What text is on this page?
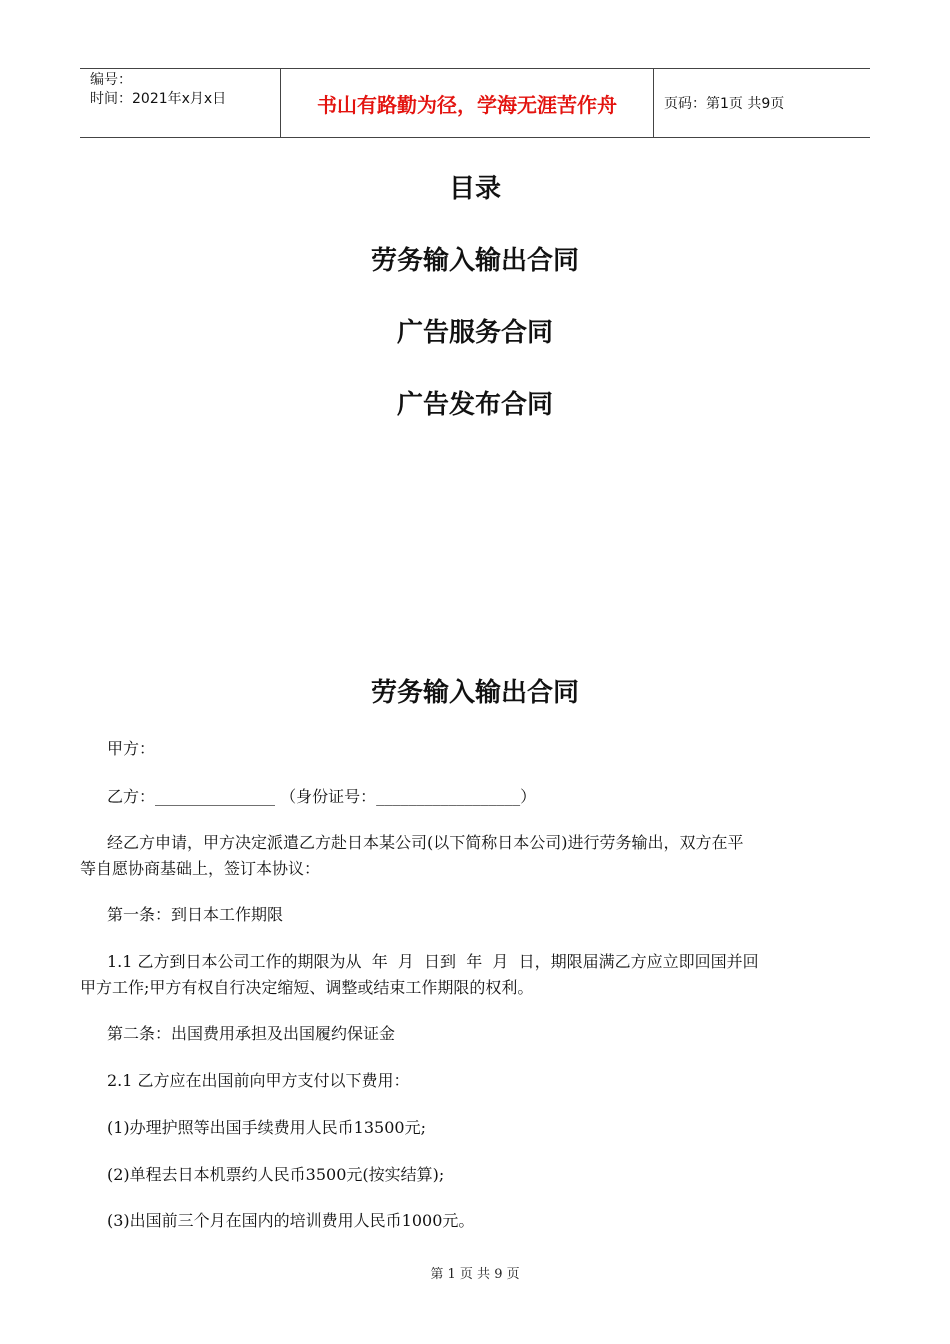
编号：
时间：2021年x月x日	书山有路勤为径，学海无涯苦作舟	页码：第1页 共9页
目录
劳务输入输出合同
广告服务合同
广告发布合同
劳务输入输出合同
甲方：
乙方：_______________ （身份证号：__________________）
经乙方申请，甲方决定派遣乙方赴日本某公司(以下简称日本公司)进行劳务输出，双方在平
等自愿协商基础上，签订本协议：
第一条：到日本工作期限
1.1 乙方到日本公司工作的期限为从  年  月  日到  年  月  日，期限届满乙方应立即回国并回
甲方工作;甲方有权自行决定缩短、调整或结束工作期限的权利。
第二条：出国费用承担及出国履约保证金
2.1 乙方应在出国前向甲方支付以下费用：
(1)办理护照等出国手续费用人民币13500元;
(2)单程去日本机票约人民币3500元(按实结算);
(3)出国前三个月在国内的培训费用人民币1000元。
第 1 页 共 9 页
